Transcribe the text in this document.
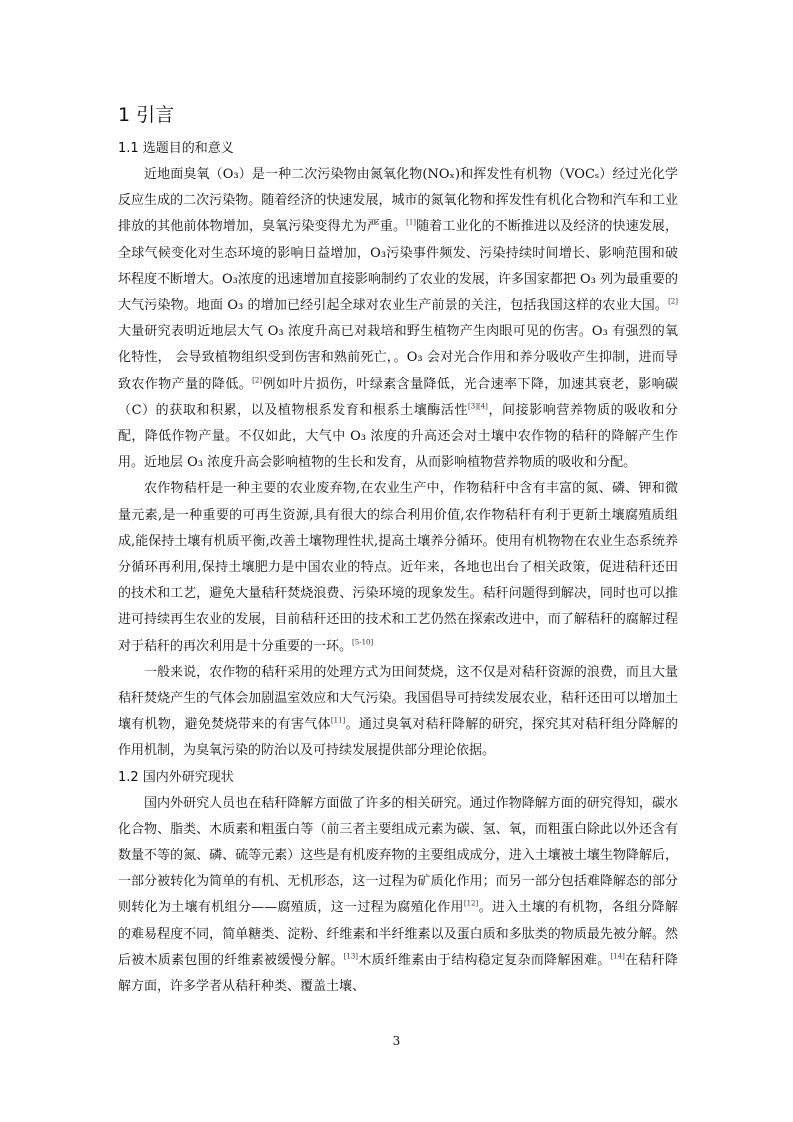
1 引言
1.1 选题目的和意义

近地面臭氧（O₃）是一种二次污染物由氮氧化物(NOₓ)和挥发性有机物（VOCₛ）经过光化学反应生成的二次污染物。随着经济的快速发展，城市的氮氧化物和挥发性有机化合物和汽车和工业排放的其他前体物增加，臭氧污染变得尤为严重。[1]随着工业化的不断推进以及经济的快速发展，全球气候变化对生态环境的影响日益增加，O₃污染事件频发、污染持续时间增长、影响范围和破坏程度不断增大。O₃浓度的迅速增加直接影响制约了农业的发展，许多国家都把 O₃ 列为最重要的大气污染物。地面 O₃ 的增加已经引起全球对农业生产前景的关注，包括我国这样的农业大国。[2]大量研究表明近地层大气 O₃ 浓度升高已对栽培和野生植物产生肉眼可见的伤害。O₃ 有强烈的氧化特性， 会导致植物组织受到伤害和熟前死亡，。O₃ 会对光合作用和养分吸收产生抑制，进而导致农作物产量的降低。[2]例如叶片损伤，叶绿素含量降低，光合速率下降，加速其衰老，影响碳（C）的获取和积累，以及植物根系发育和根系土壤酶活性[3][4]，间接影响营养物质的吸收和分配，降低作物产量。不仅如此，大气中 O₃ 浓度的升高还会对土壤中农作物的秸秆的降解产生作用。近地层 O₃ 浓度升高会影响植物的生长和发育，从而影响植物营养物质的吸收和分配。

农作物秸杆是一种主要的农业废弃物,在农业生产中，作物秸秆中含有丰富的氮、磷、钾和微量元素,是一种重要的可再生资源,具有很大的综合利用价值,农作物秸秆有利于更新土壤腐殖质组成,能保持土壤有机质平衡,改善土壤物理性状,提高土壤养分循环。使用有机物物在农业生态系统养分循环再利用,保持土壤肥力是中国农业的特点。近年来，各地也出台了相关政策，促进秸秆还田的技术和工艺，避免大量秸秆焚烧浪费、污染环境的现象发生。秸秆问题得到解决，同时也可以推进可持续再生农业的发展，目前秸秆还田的技术和工艺仍然在探索改进中，而了解秸秆的腐解过程对于秸秆的再次利用是十分重要的一环。[5-10]

一般来说，农作物的秸秆采用的处理方式为田间焚烧，这不仅是对秸秆资源的浪费，而且大量秸秆焚烧产生的气体会加剧温室效应和大气污染。我国倡导可持续发展农业，秸秆还田可以增加土壤有机物，避免焚烧带来的有害气体[11]。通过臭氧对秸秆降解的研究，探究其对秸秆组分降解的作用机制，为臭氧污染的防治以及可持续发展提供部分理论依据。

1.2 国内外研究现状

国内外研究人员也在秸秆降解方面做了许多的相关研究。通过作物降解方面的研究得知，碳水化合物、脂类、木质素和粗蛋白等（前三者主要组成元素为碳、氢、氧，而粗蛋白除此以外还含有数量不等的氮、磷、硫等元素）这些是有机废弃物的主要组成成分，进入土壤被土壤生物降解后，一部分被转化为简单的有机、无机形态，这一过程为矿质化作用；而另一部分包括难降解态的部分则转化为土壤有机组分——腐殖质，这一过程为腐殖化作用[12]。进入土壤的有机物，各组分降解的难易程度不同，简单糖类、淀粉、纤维素和半纤维素以及蛋白质和多肽类的物质最先被分解。然后被木质素包围的纤维素被缓慢分解。[13]木质纤维素由于结构稳定复杂而降解困难。[14]在秸秆降解方面，许多学者从秸秆种类、覆盖土壤、

3
